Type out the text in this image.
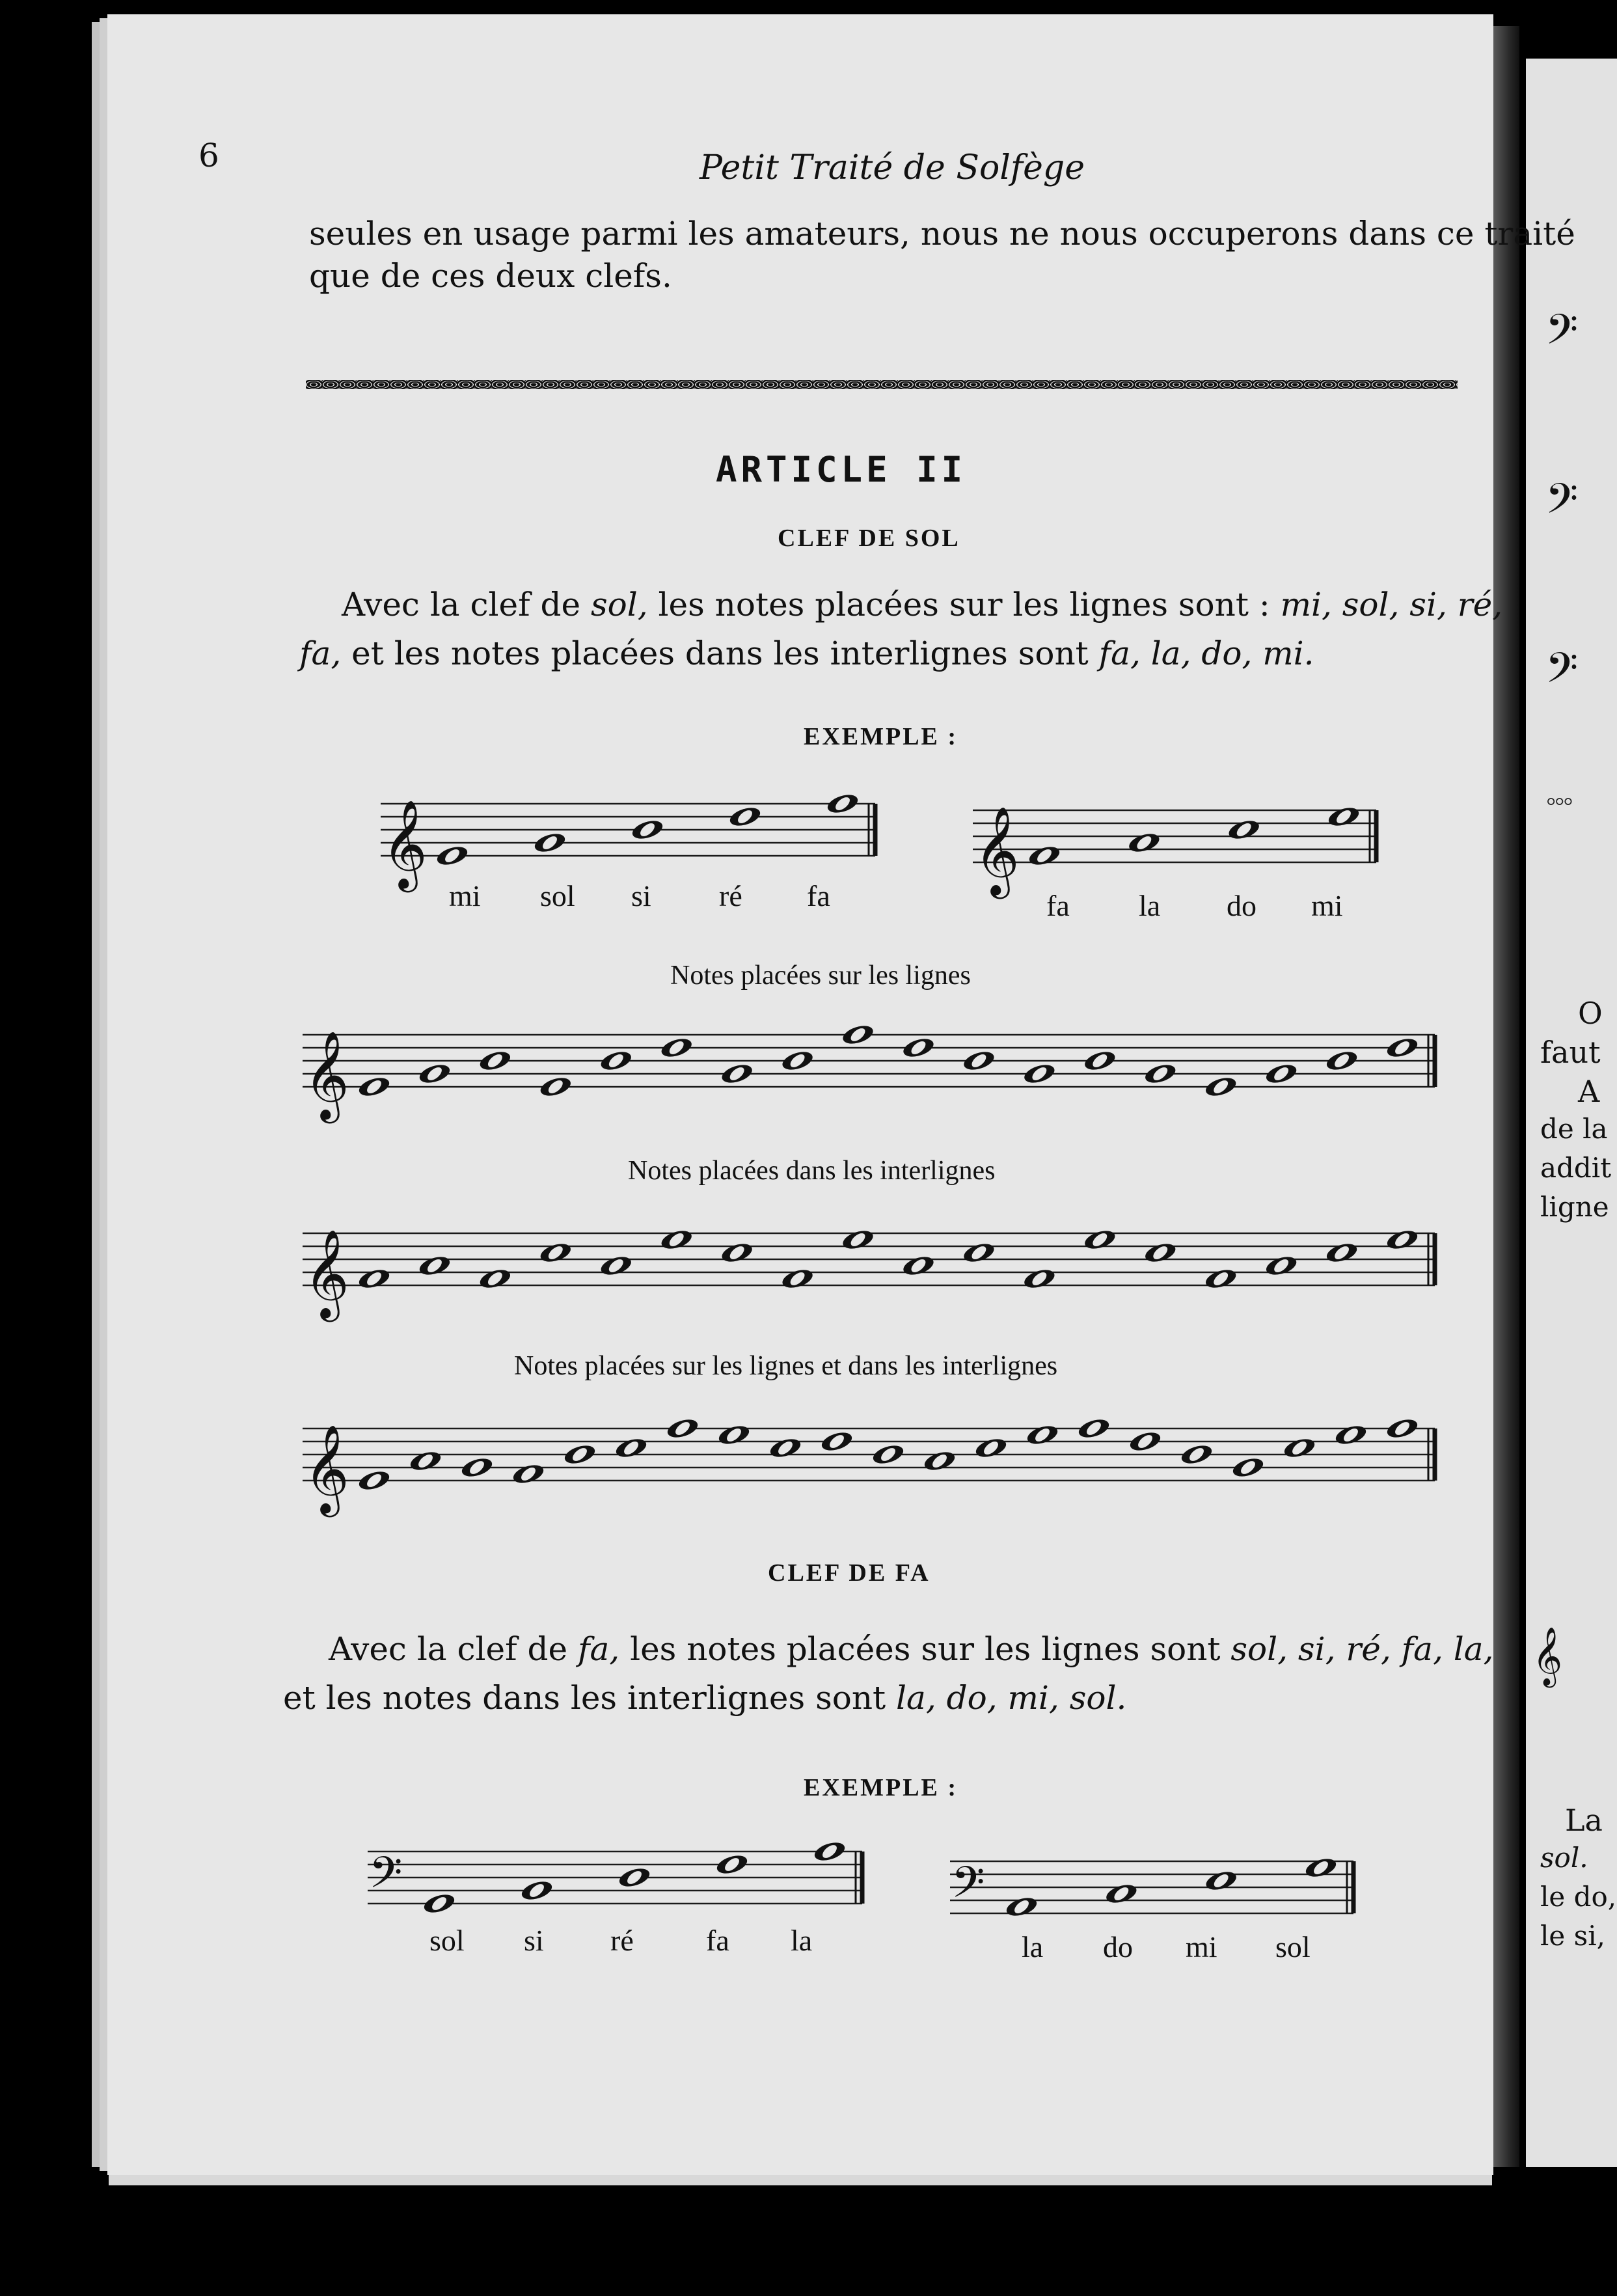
𝄢
𝄢
𝄢
⸰⸰⸰
O
faut
A
de la
addit
ligne
𝄞
La
sol.
le do,
le si,
6	Petit Traité de Solfège
seules en usage parmi les amateurs, nous ne nous occuperons dans ce traité
que de ces deux clefs.
ARTICLE II
CLEF DE SOL
Avec la clef de sol, les notes placées sur les lignes sont : mi, sol, si, ré,
fa, et les notes placées dans les interlignes sont fa, la, do, mi.
EXEMPLE :
𝄞	𝄞
mi sol si ré fa	fa la do mi
Notes placées sur les lignes
𝄞
Notes placées dans les interlignes
𝄞
Notes placées sur les lignes et dans les interlignes
𝄞
CLEF DE FA
Avec la clef de fa, les notes placées sur les lignes sont sol, si, ré, fa, la,
et les notes dans les interlignes sont la, do, mi, sol.
EXEMPLE :
𝄢	𝄢
sol si ré fa la	la do mi sol
